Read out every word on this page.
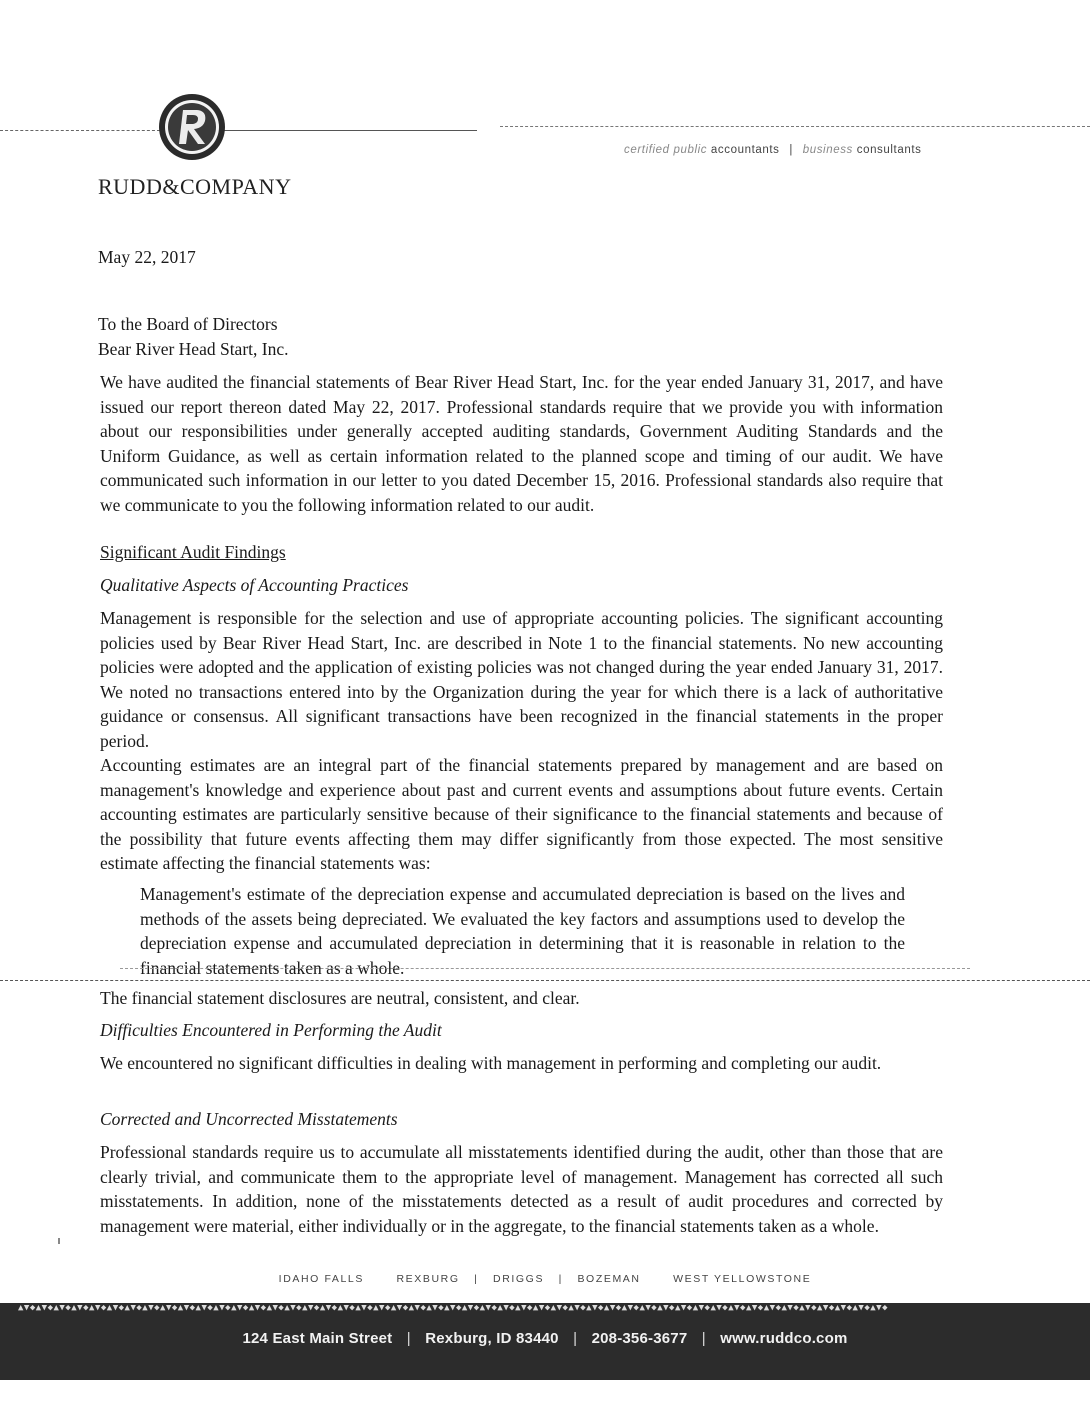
RUDD&COMPANY
certified public accountants | business consultants
May 22, 2017
To the Board of Directors
Bear River Head Start, Inc.
We have audited the financial statements of Bear River Head Start, Inc. for the year ended January 31, 2017, and have issued our report thereon dated May 22, 2017. Professional standards require that we provide you with information about our responsibilities under generally accepted auditing standards, Government Auditing Standards and the Uniform Guidance, as well as certain information related to the planned scope and timing of our audit. We have communicated such information in our letter to you dated December 15, 2016. Professional standards also require that we communicate to you the following information related to our audit.
Significant Audit Findings
Qualitative Aspects of Accounting Practices
Management is responsible for the selection and use of appropriate accounting policies. The significant accounting policies used by Bear River Head Start, Inc. are described in Note 1 to the financial statements. No new accounting policies were adopted and the application of existing policies was not changed during the year ended January 31, 2017. We noted no transactions entered into by the Organization during the year for which there is a lack of authoritative guidance or consensus. All significant transactions have been recognized in the financial statements in the proper period.
Accounting estimates are an integral part of the financial statements prepared by management and are based on management's knowledge and experience about past and current events and assumptions about future events. Certain accounting estimates are particularly sensitive because of their significance to the financial statements and because of the possibility that future events affecting them may differ significantly from those expected. The most sensitive estimate affecting the financial statements was:
Management's estimate of the depreciation expense and accumulated depreciation is based on the lives and methods of the assets being depreciated. We evaluated the key factors and assumptions used to develop the depreciation expense and accumulated depreciation in determining that it is reasonable in relation to the financial statements taken as a whole.
The financial statement disclosures are neutral, consistent, and clear.
Difficulties Encountered in Performing the Audit
We encountered no significant difficulties in dealing with management in performing and completing our audit.
Corrected and Uncorrected Misstatements
Professional standards require us to accumulate all misstatements identified during the audit, other than those that are clearly trivial, and communicate them to the appropriate level of management. Management has corrected all such misstatements. In addition, none of the misstatements detected as a result of audit procedures and corrected by management were material, either individually or in the aggregate, to the financial statements taken as a whole.
IDAHO FALLS	REXBURG | DRIGGS | BOZEMAN	WEST YELLOWSTONE
▲▼◆▲▼◆▲▼◆▲▼◆▲▼◆▲▼◆▲▼◆▲▼◆▲▼◆▲▼◆▲▼◆▲▼◆▲▼◆▲▼◆▲▼◆▲▼◆▲▼◆▲▼◆▲▼◆▲▼◆▲▼◆▲▼◆▲▼◆▲▼◆▲▼◆▲▼◆▲▼◆▲▼◆▲▼◆▲▼◆▲▼◆▲▼◆▲▼◆▲▼◆▲▼◆▲▼◆▲▼◆▲▼◆▲▼◆▲▼◆▲▼◆▲▼◆▲▼◆▲▼◆▲▼◆▲▼◆▲▼◆▲▼◆▲▼◆
124 East Main Street | Rexburg, ID 83440 | 208-356-3677 | www.ruddco.com
